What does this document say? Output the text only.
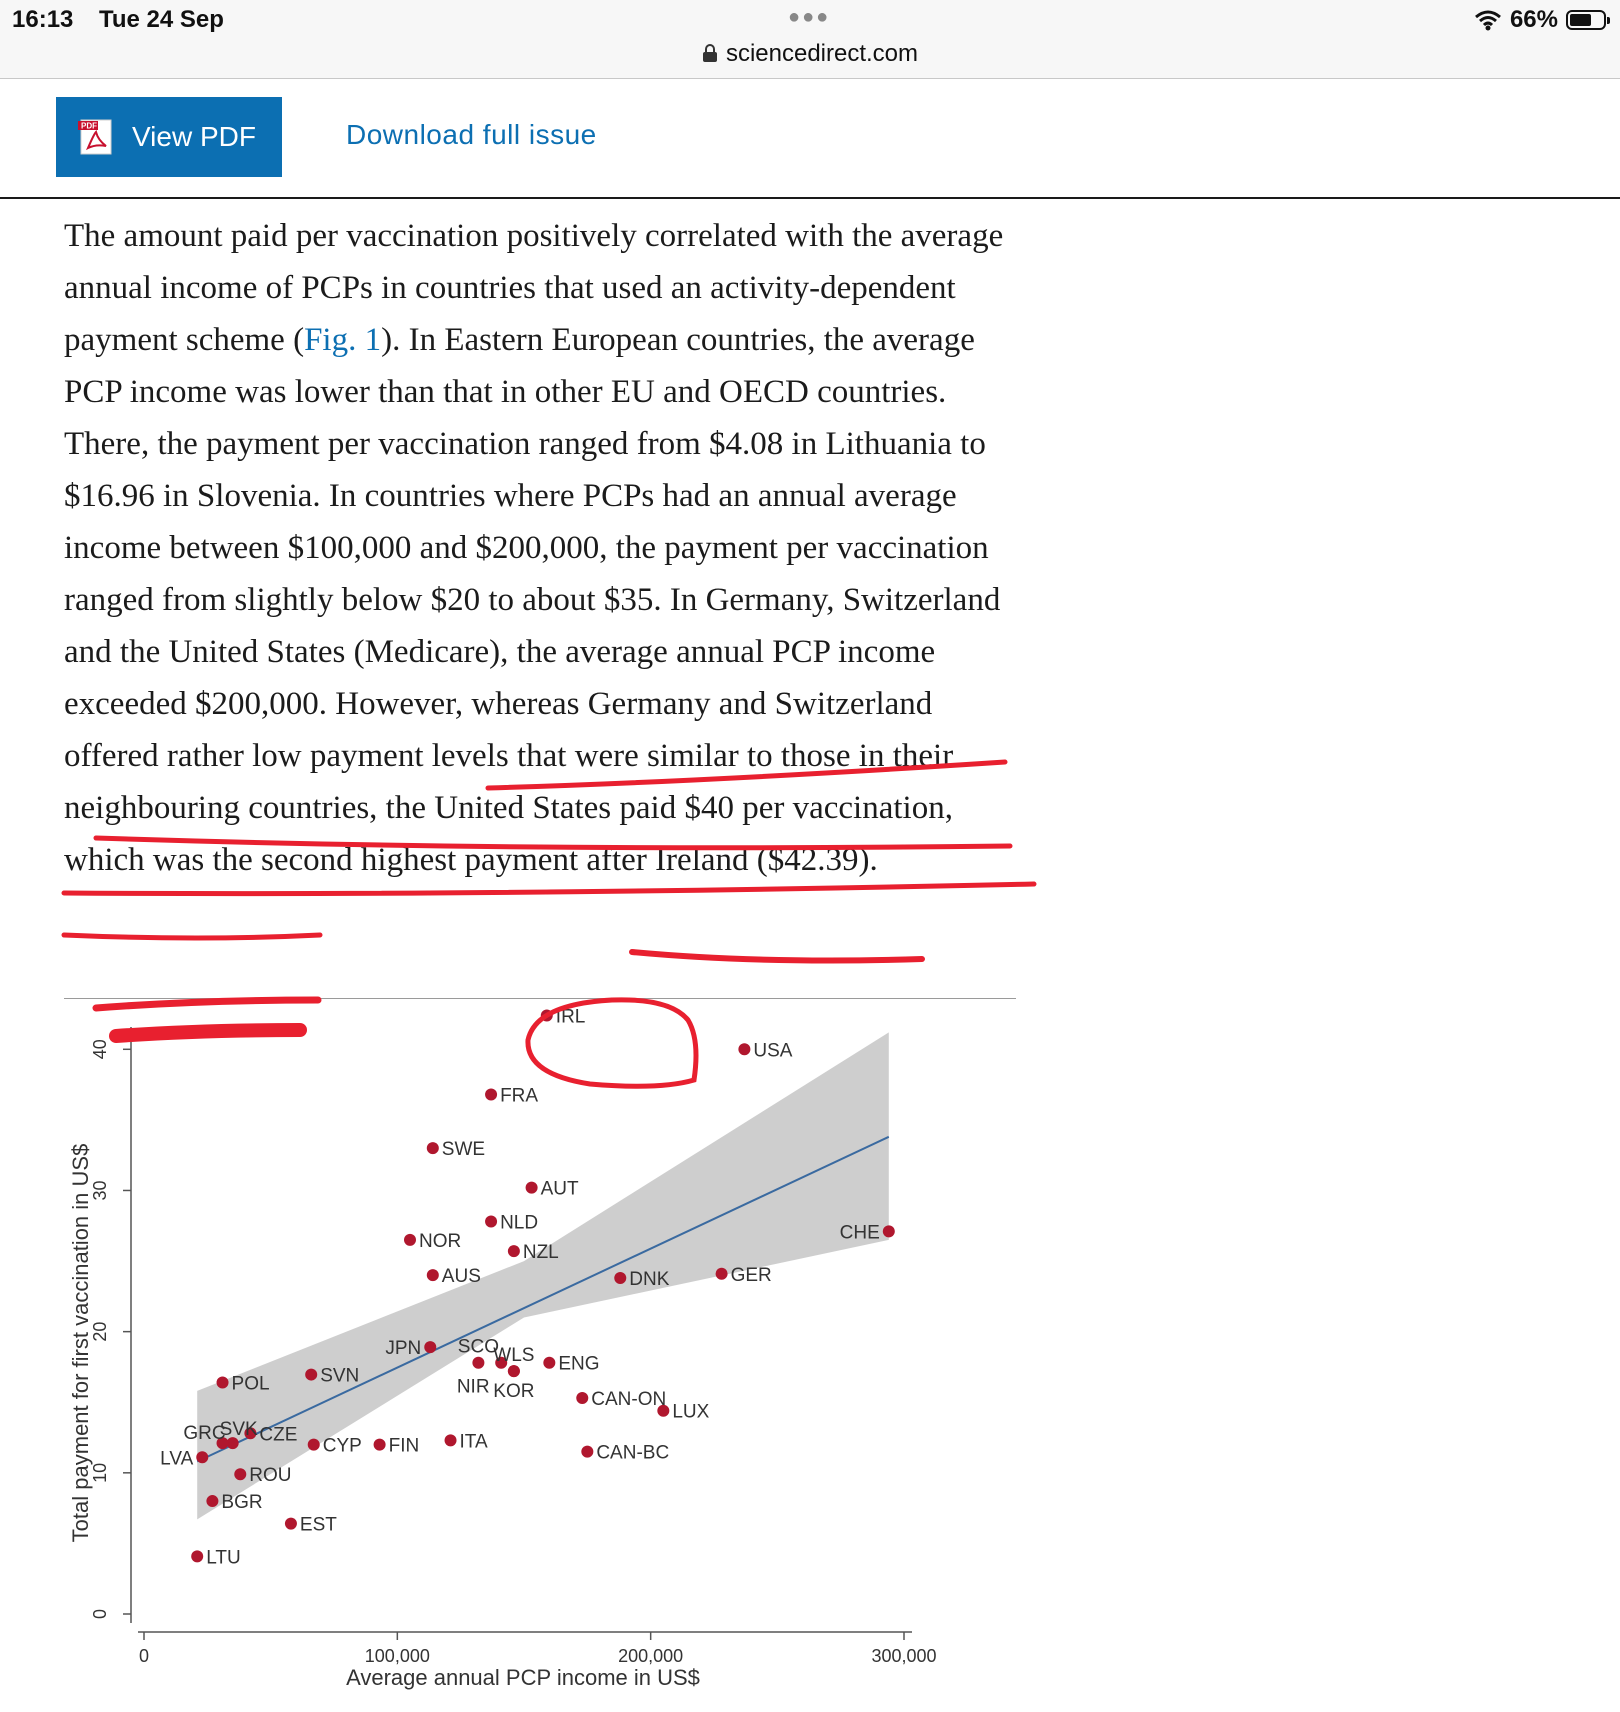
16:13 Tue 24 Sep	●●●
sciencedirect.com
66%
PDF View PDF	Download full issue

The amount paid per vaccination positively correlated with the average annual income of PCPs in countries that used an activity-dependent payment scheme (Fig. 1). In Eastern European countries, the average PCP income was lower than that in other EU and OECD countries. There, the payment per vaccination ranged from $4.08 in Lithuania to $16.96 in Slovenia. In countries where PCPs had an annual average income between $100,000 and $200,000, the payment per vaccination ranged from slightly below $20 to about $35. In Germany, Switzerland and the United States (Medicare), the average annual PCP income exceeded $200,000. However, whereas Germany and Switzerland offered rather low payment levels that were similar to those in their neighbouring countries, the United States paid $40 per vaccination, which was the second highest payment after Ireland ($42.39).

0
10
20
30
40
0	100,000	200,000	300,000
Average annual PCP income in US$
Total payment for first vaccination in US$
IRL
USA
FRA
SWE
AUT
NLD
NZL
NOR
AUS	DNK	GER
CHE
JPN SCO
NIR
WLS
KOR
ENG
CAN-ON
LUX
CAN-BC
ITA
FIN
CYP
SVN
POL
CZE
SVK
GRC
LVA
ROU
BGR
EST
LTU
